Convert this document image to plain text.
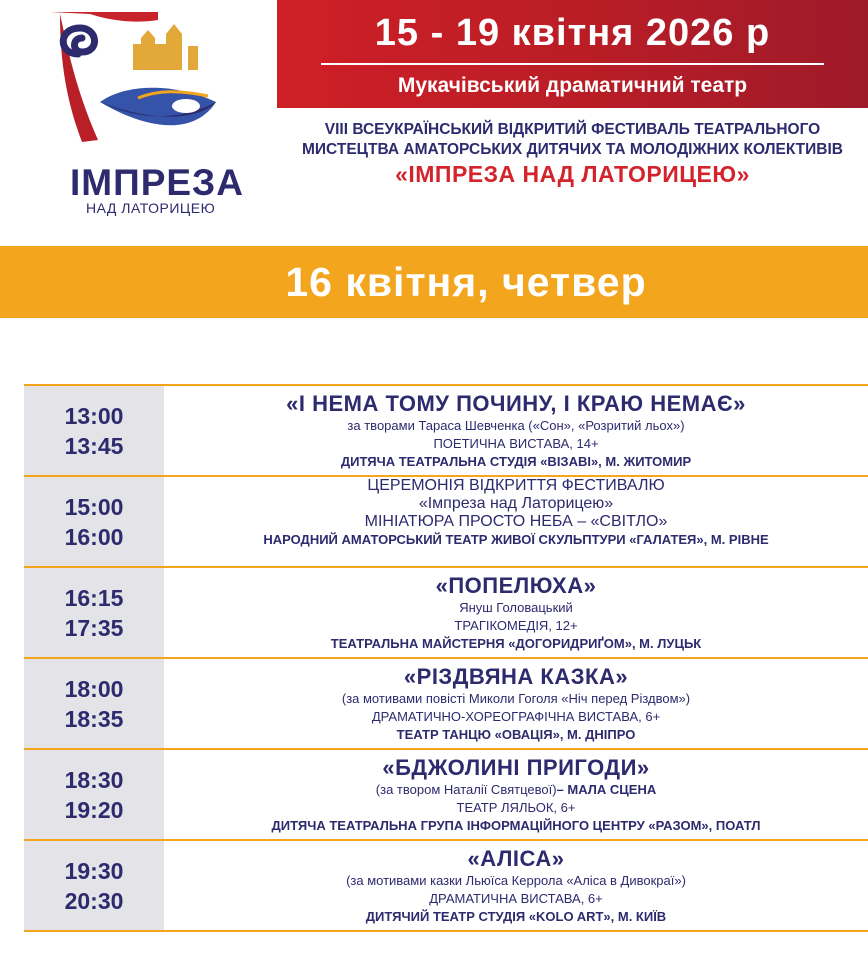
ІМПРЕЗА
НАД ЛАТОРИЦЕЮ
15 - 19 квітня 2026 р
Мукачівський драматичний театр
VIII ВСЕУКРАЇНСЬКИЙ ВІДКРИТИЙ ФЕСТИВАЛЬ ТЕАТРАЛЬНОГО
МИСТЕЦТВА АМАТОРСЬКИХ ДИТЯЧИХ ТА МОЛОДІЖНИХ КОЛЕКТИВІВ
«ІМПРЕЗА НАД ЛАТОРИЦЕЮ»
16 квітня, четвер
13:00
13:45
«І НЕМА ТОМУ ПОЧИНУ, І КРАЮ НЕМАЄ»
за творами Тараса Шевченка («Сон», «Розритий льох»)
ПОЕТИЧНА ВИСТАВА, 14+
ДИТЯЧА ТЕАТРАЛЬНА СТУДІЯ «ВІЗАВІ», М. ЖИТОМИР
15:00
16:00
ЦЕРЕМОНІЯ ВІДКРИТТЯ ФЕСТИВАЛЮ
«Імпреза над Латорицею»
МІНІАТЮРА ПРОСТО НЕБА – «СВІТЛО»
НАРОДНИЙ АМАТОРСЬКИЙ ТЕАТР ЖИВОЇ СКУЛЬПТУРИ «ГАЛАТЕЯ», М. РІВНЕ
16:15
17:35
«ПОПЕЛЮХА»
Януш Головацький
ТРАГІКОМЕДІЯ, 12+
ТЕАТРАЛЬНА МАЙСТЕРНЯ «ДОГОРИДРИҐОМ», М. ЛУЦЬК
18:00
18:35
«РІЗДВЯНА КАЗКА»
(за мотивами повісті Миколи Гоголя «Ніч перед Різдвом»)
ДРАМАТИЧНО-ХОРЕОГРАФІЧНА ВИСТАВА, 6+
ТЕАТР ТАНЦЮ «ОВАЦІЯ», М. ДНІПРО
18:30
19:20
«БДЖОЛИНІ ПРИГОДИ»
(за твором Наталії Святцевої)– МАЛА СЦЕНА
ТЕАТР ЛЯЛЬОК, 6+
ДИТЯЧА ТЕАТРАЛЬНА ГРУПА ІНФОРМАЦІЙНОГО ЦЕНТРУ «РАЗОМ», ПОАТЛ
19:30
20:30
«АЛІСА»
(за мотивами казки Льюїса Керрола «Аліса в Дивокраї»)
ДРАМАТИЧНА ВИСТАВА, 6+
ДИТЯЧИЙ ТЕАТР СТУДІЯ «KOLO ART», М. КИЇВ
